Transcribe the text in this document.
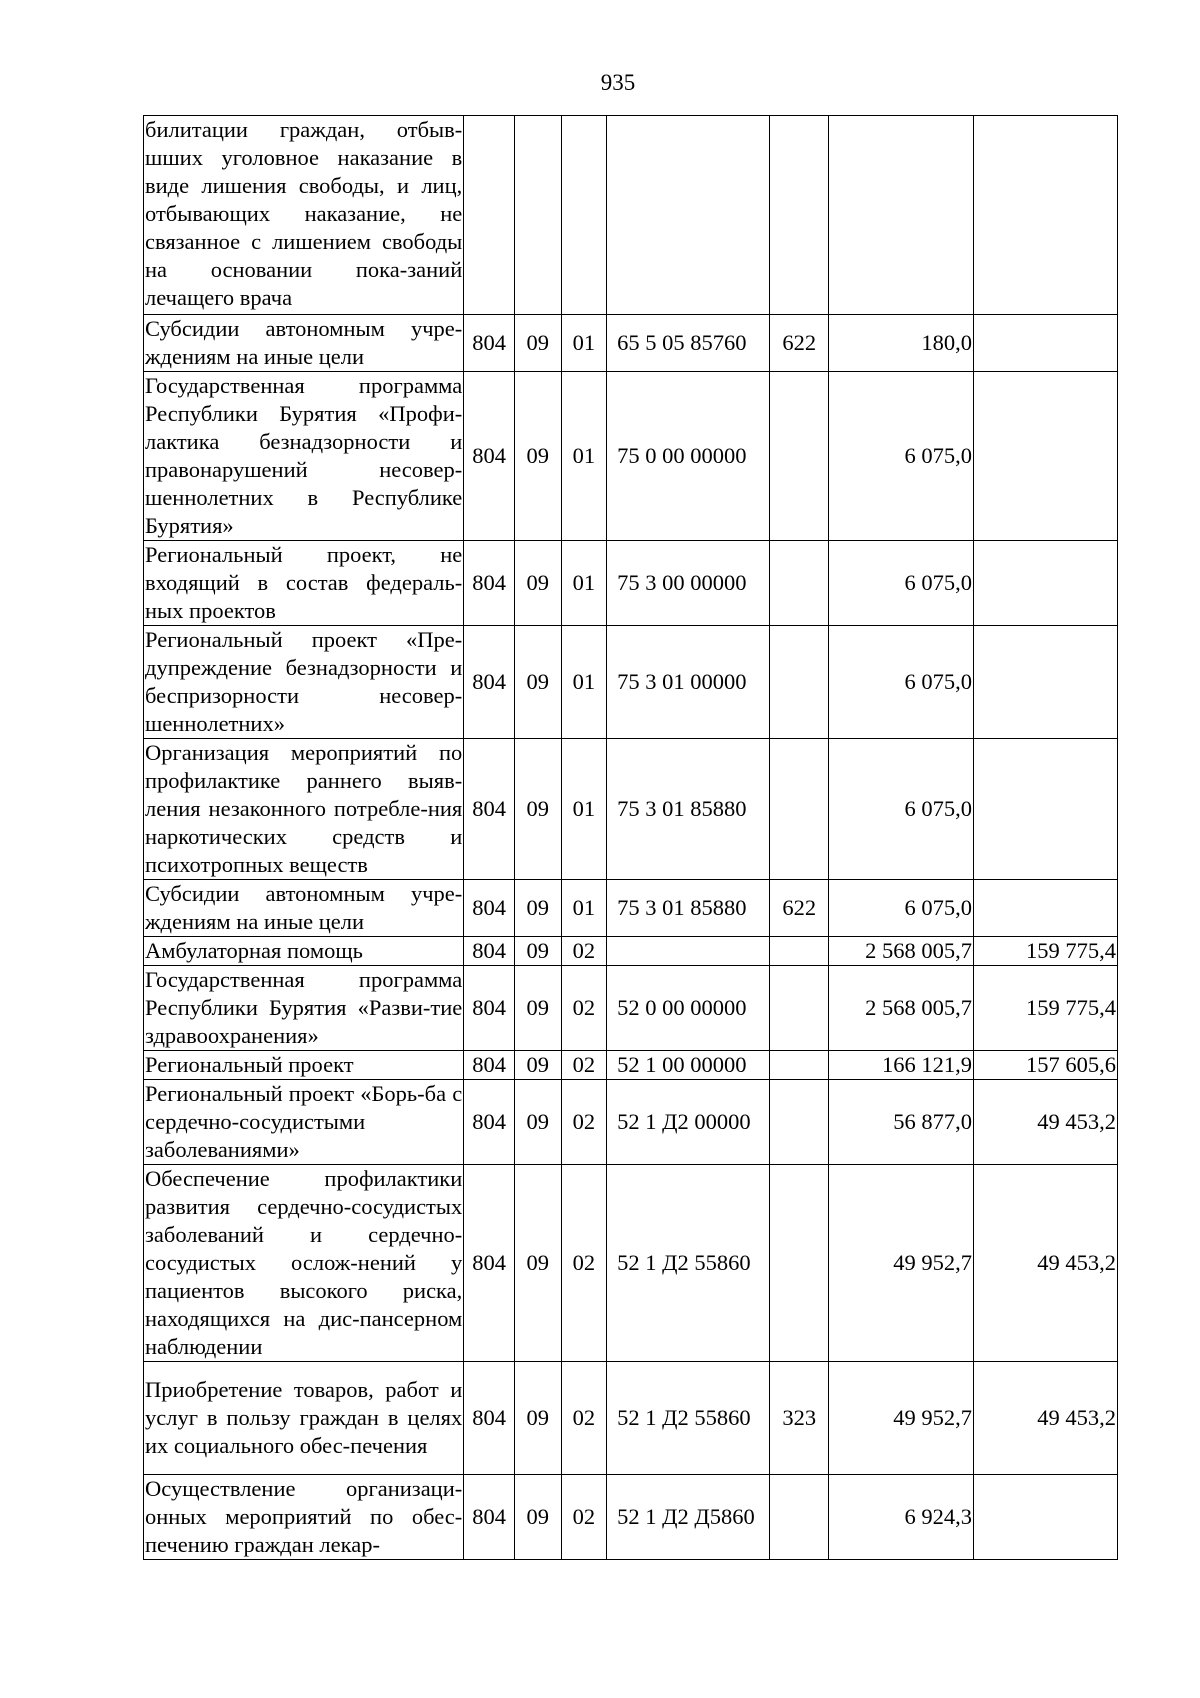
935
билитации граждан, отбыв-шших уголовное наказание в виде лишения свободы, и лиц, отбывающих наказание, не связанное с лишением свободы на основании пока-заний лечащего врача							
Субсидии автономным учре-ждениям на иные цели	804	09	01	65 5 05 85760	622	180,0	
Государственная программа Республики Бурятия «Профи-лактика безнадзорности и правонарушений несовер-шеннолетних в Республике Бурятия»	804	09	01	75 0 00 00000		6 075,0	
Региональный проект, не входящий в состав федераль-ных проектов	804	09	01	75 3 00 00000		6 075,0	
Региональный проект «Пре-дупреждение безнадзорности и беспризорности несовер-шеннолетних»	804	09	01	75 3 01 00000		6 075,0	
Организация мероприятий по профилактике раннего выяв-ления незаконного потребле-ния наркотических средств и психотропных веществ	804	09	01	75 3 01 85880		6 075,0	
Субсидии автономным учре-ждениям на иные цели	804	09	01	75 3 01 85880	622	6 075,0	
Амбулаторная помощь	804	09	02			2 568 005,7	159 775,4
Государственная программа Республики Бурятия «Разви-тие здравоохранения»	804	09	02	52 0 00 00000		2 568 005,7	159 775,4
Региональный проект	804	09	02	52 1 00 00000		166 121,9	157 605,6
Региональный проект «Борь-ба с сердечно-сосудистыми заболеваниями»	804	09	02	52 1 Д2 00000		56 877,0	49 453,2
Обеспечение профилактики развития сердечно-сосудистых заболеваний и сердечно-сосудистых ослож-нений у пациентов высокого риска, находящихся на дис-пансерном наблюдении	804	09	02	52 1 Д2 55860		49 952,7	49 453,2
Приобретение товаров, работ и услуг в пользу граждан в целях их социального обес-печения	804	09	02	52 1 Д2 55860	323	49 952,7	49 453,2
Осуществление организаци-онных мероприятий по обес-печению граждан лекар-	804	09	02	52 1 Д2 Д5860		6 924,3	
